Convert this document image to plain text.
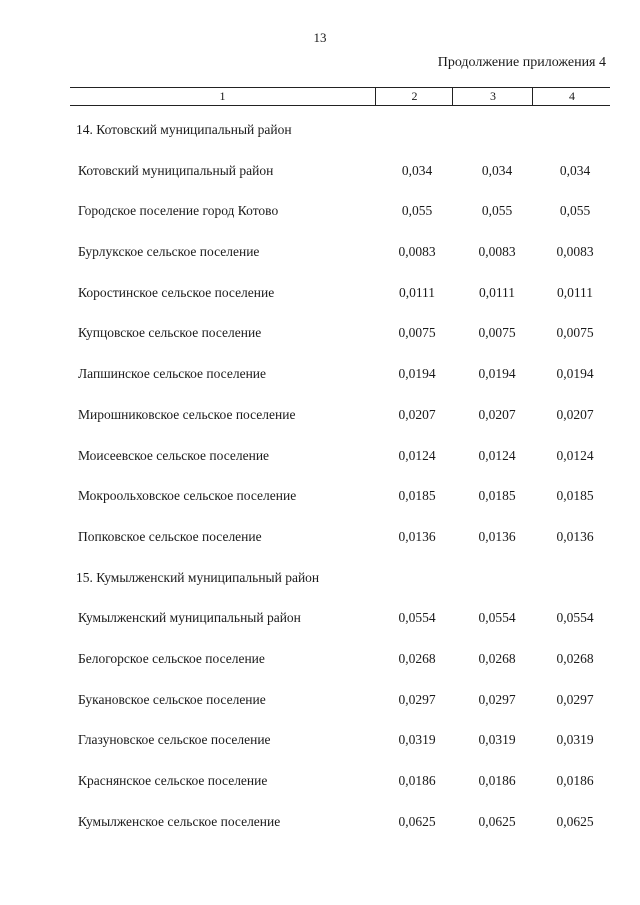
13
Продолжение приложения 4
1	2	3	4
14. Котовский муниципальный район
Котовский муниципальный район	0,034	0,034	0,034
Городское поселение город Котово	0,055	0,055	0,055
Бурлукское сельское поселение	0,0083	0,0083	0,0083
Коростинское сельское поселение	0,0111	0,0111	0,0111
Купцовское сельское поселение	0,0075	0,0075	0,0075
Лапшинское сельское поселение	0,0194	0,0194	0,0194
Мирошниковское сельское поселение	0,0207	0,0207	0,0207
Моисеевское сельское поселение	0,0124	0,0124	0,0124
Мокроольховское сельское поселение	0,0185	0,0185	0,0185
Попковское сельское поселение	0,0136	0,0136	0,0136
15. Кумылженский муниципальный район
Кумылженский муниципальный район	0,0554	0,0554	0,0554
Белогорское сельское поселение	0,0268	0,0268	0,0268
Букановское сельское поселение	0,0297	0,0297	0,0297
Глазуновское сельское поселение	0,0319	0,0319	0,0319
Краснянское сельское поселение	0,0186	0,0186	0,0186
Кумылженское сельское поселение	0,0625	0,0625	0,0625
